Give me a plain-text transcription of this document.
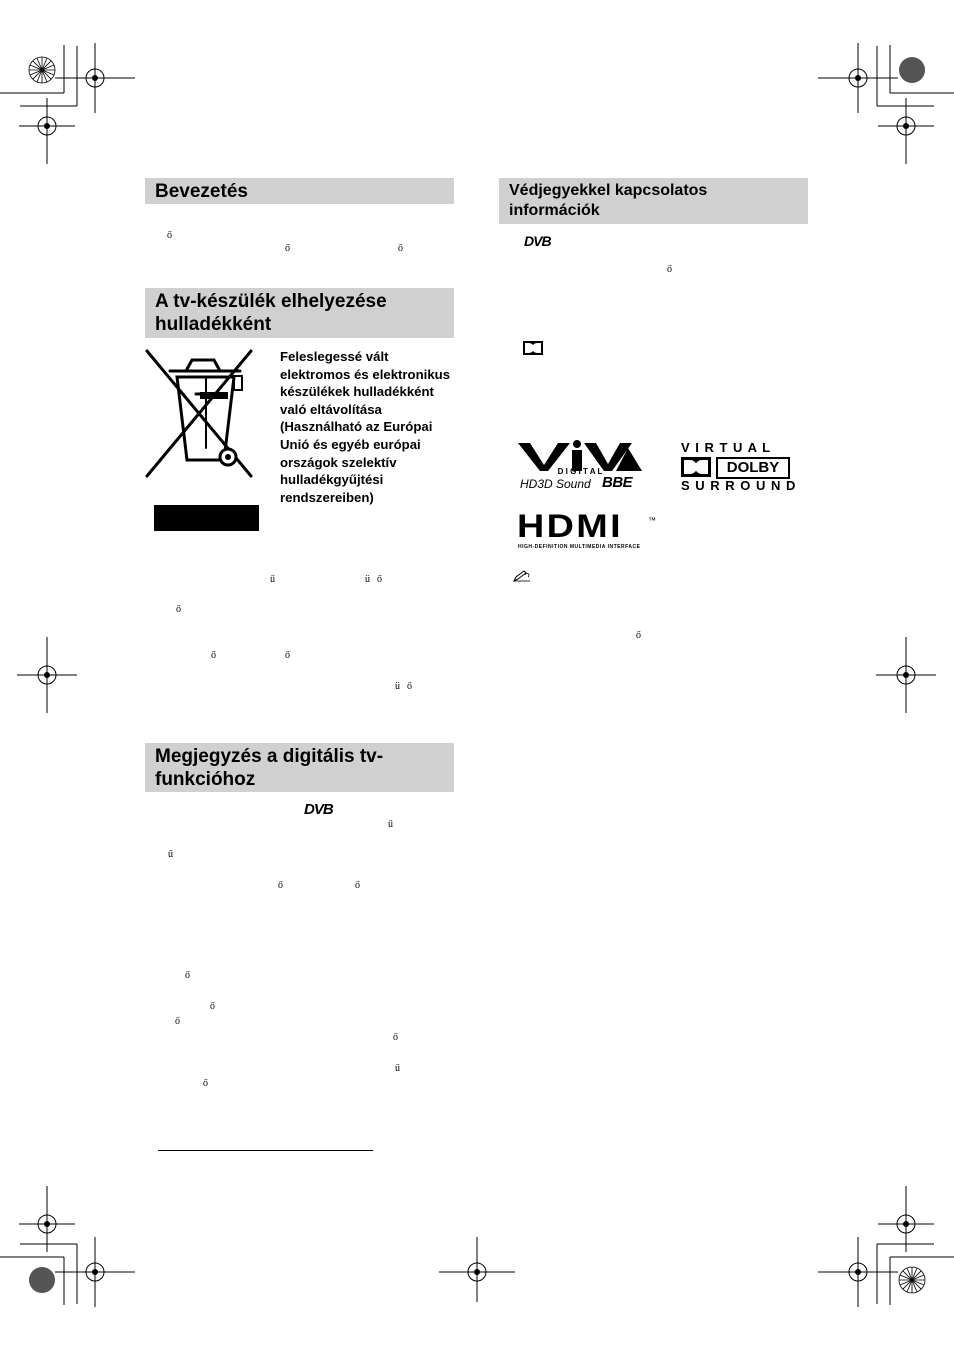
Bevezetés
ő
ő	ő
A tv-készülék elhelyezése hulladékként
Feleslegessé vált elektromos és elektronikus készülékek hulladékként való eltávolítása (Használható az Európai Unió és egyéb európai országok szelektív hulladékgyűjtési rendszereiben)
ű	ü ő
ő
ő	ő
ü ő
Megjegyzés a digitális tv-funkcióhoz
DVB
ű
ű
ő	ő
ő
ő
ő
ő
ű
ő
Védjegyekkel kapcsolatos információk
DVB
ő
D I G I T A L
HD3D Sound BBE
V I R T U A L
DOLBY
S U R R O U N D
HDMI	™
HIGH-DEFINITION MULTIMEDIA INTERFACE
ő
